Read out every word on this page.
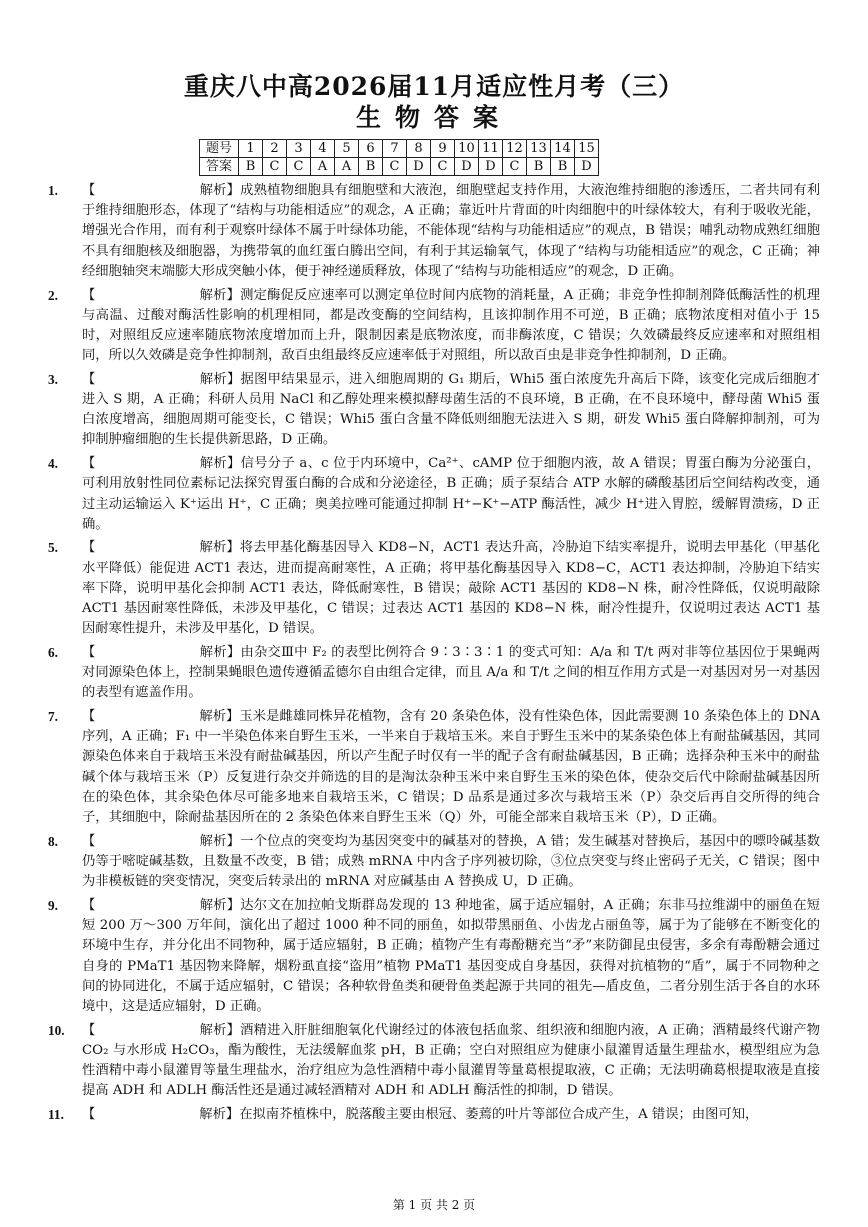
重庆八中高2026届11月适应性月考（三）
生物答案
题号	1	2	3	4	5	6	7	8	9	10	11	12	13	14	15
答案	B	C	C	A	A	B	C	D	C	D	D	C	B	B	D
1.	【	解析】成熟植物细胞具有细胞壁和大液泡，细胞壁起支持作用，大液泡维持细胞的渗透压，二者共同有利于维持细胞形态，体现了“结构与功能相适应”的观念，A 正确；靠近叶片背面的叶肉细胞中的叶绿体较大，有利于吸收光能，增强光合作用，而有利于观察叶绿体不属于叶绿体功能，不能体现“结构与功能相适应”的观点，B 错误；哺乳动物成熟红细胞不具有细胞核及细胞器，为携带氧的血红蛋白腾出空间，有利于其运输氧气，体现了“结构与功能相适应”的观念，C 正确；神经细胞轴突末端膨大形成突触小体，便于神经递质释放，体现了“结构与功能相适应”的观念，D 正确。
2.	【	解析】测定酶促反应速率可以测定单位时间内底物的消耗量，A 正确；非竞争性抑制剂降低酶活性的机理与高温、过酸对酶活性影响的机理相同，都是改变酶的空间结构，且该抑制作用不可逆，B 正确；底物浓度相对值小于 15 时，对照组反应速率随底物浓度增加而上升，限制因素是底物浓度，而非酶浓度，C 错误；久效磷最终反应速率和对照组相同，所以久效磷是竞争性抑制剂，敌百虫组最终反应速率低于对照组，所以敌百虫是非竞争性抑制剂，D 正确。
3.	【	解析】据图甲结果显示，进入细胞周期的 G₁ 期后，Whi5 蛋白浓度先升高后下降，该变化完成后细胞才进入 S 期，A 正确；科研人员用 NaCl 和乙醇处理来模拟酵母菌生活的不良环境，B 正确，在不良环境中，酵母菌 Whi5 蛋白浓度增高，细胞周期可能变长，C 错误；Whi5 蛋白含量不降低则细胞无法进入 S 期，研发 Whi5 蛋白降解抑制剂，可为抑制肿瘤细胞的生长提供新思路，D 正确。
4.	【	解析】信号分子 a、c 位于内环境中，Ca²⁺、cAMP 位于细胞内液，故 A 错误；胃蛋白酶为分泌蛋白，可利用放射性同位素标记法探究胃蛋白酶的合成和分泌途径，B 正确；质子泵结合 ATP 水解的磷酸基团后空间结构改变，通过主动运输运入 K⁺运出 H⁺，C 正确；奥美拉唑可能通过抑制 H⁺−K⁺−ATP 酶活性，减少 H⁺进入胃腔，缓解胃溃疡，D 正确。
5.	【	解析】将去甲基化酶基因导入 KD8−N，ACT1 表达升高，冷胁迫下结实率提升，说明去甲基化（甲基化水平降低）能促进 ACT1 表达，进而提高耐寒性，A 正确；将甲基化酶基因导入 KD8−C，ACT1 表达抑制，冷胁迫下结实率下降，说明甲基化会抑制 ACT1 表达，降低耐寒性，B 错误；敲除 ACT1 基因的 KD8−N 株，耐冷性降低，仅说明敲除 ACT1 基因耐寒性降低，未涉及甲基化，C 错误；过表达 ACT1 基因的 KD8−N 株，耐冷性提升，仅说明过表达 ACT1 基因耐寒性提升，未涉及甲基化，D 错误。
6.	【	解析】由杂交Ⅲ中 F₂ 的表型比例符合 9∶3∶3∶1 的变式可知：A/a 和 T/t 两对非等位基因位于果蝇两对同源染色体上，控制果蝇眼色遗传遵循孟德尔自由组合定律，而且 A/a 和 T/t 之间的相互作用方式是一对基因对另一对基因的表型有遮盖作用。
7.	【	解析】玉米是雌雄同株异花植物，含有 20 条染色体，没有性染色体，因此需要测 10 条染色体上的 DNA 序列，A 正确；F₁ 中一半染色体来自野生玉米，一半来自于栽培玉米。来自于野生玉米中的某条染色体上有耐盐碱基因，其同源染色体来自于栽培玉米没有耐盐碱基因，所以产生配子时仅有一半的配子含有耐盐碱基因，B 正确；选择杂种玉米中的耐盐碱个体与栽培玉米（P）反复进行杂交并筛选的目的是淘汰杂种玉米中来自野生玉米的染色体，使杂交后代中除耐盐碱基因所在的染色体，其余染色体尽可能多地来自栽培玉米，C 错误；D 品系是通过多次与栽培玉米（P）杂交后再自交所得的纯合子，其细胞中，除耐盐基因所在的 2 条染色体来自野生玉米（Q）外，可能全部来自栽培玉米（P），D 正确。
8.	【	解析】一个位点的突变均为基因突变中的碱基对的替换，A 错；发生碱基对替换后，基因中的嘌呤碱基数仍等于嘧啶碱基数，且数量不改变，B 错；成熟 mRNA 中内含子序列被切除，③位点突变与终止密码子无关，C 错误；图中为非模板链的突变情况，突变后转录出的 mRNA 对应碱基由 A 替换成 U，D 正确。
9.	【	解析】达尔文在加拉帕戈斯群岛发现的 13 种地雀，属于适应辐射，A 正确；东非马拉维湖中的丽鱼在短短 200 万～300 万年间，演化出了超过 1000 种不同的丽鱼，如拟带黑丽鱼、小齿龙占丽鱼等，属于为了能够在不断变化的环境中生存，并分化出不同物种，属于适应辐射，B 正确；植物产生有毒酚糖充当“矛”来防御昆虫侵害，多余有毒酚糖会通过自身的 PMaT1 基因物来降解，烟粉虱直接“盗用”植物 PMaT1 基因变成自身基因，获得对抗植物的“盾”，属于不同物种之间的协同进化，不属于适应辐射，C 错误；各种软骨鱼类和硬骨鱼类起源于共同的祖先—盾皮鱼，二者分别生活于各自的水环境中，这是适应辐射，D 正确。
10.	【	解析】酒精进入肝脏细胞氧化代谢经过的体液包括血浆、组织液和细胞内液，A 正确；酒精最终代谢产物 CO₂ 与水形成 H₂CO₃，酯为酸性，无法缓解血浆 pH，B 正确；空白对照组应为健康小鼠灌胃适量生理盐水，模型组应为急性酒精中毒小鼠灌胃等量生理盐水，治疗组应为急性酒精中毒小鼠灌胃等量葛根提取液，C 正确；无法明确葛根提取液是直接提高 ADH 和 ADLH 酶活性还是通过减轻酒精对 ADH 和 ADLH 酶活性的抑制，D 错误。
11.	【	解析】在拟南芥植株中，脱落酸主要由根冠、萎蔫的叶片等部位合成产生，A 错误；由图可知，
第 1 页 共 2 页
